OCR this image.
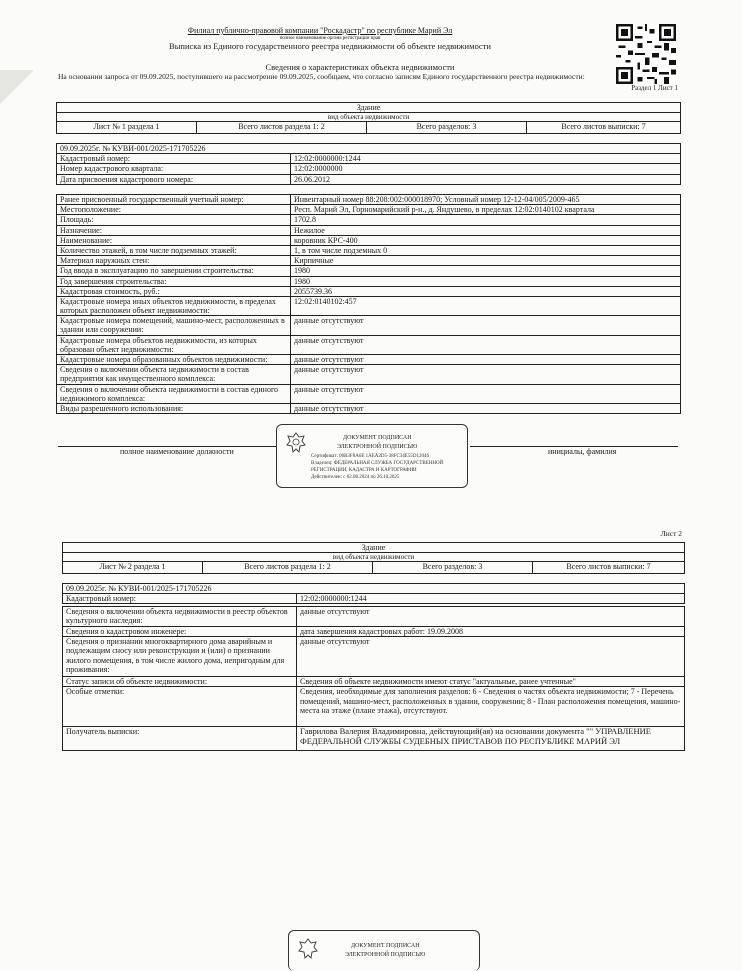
Филиал публично-правовой компании "Роскадастр" по республике Марий Эл
полное наименование органа регистрации прав
Выписка из Единого государственного реестра недвижимости об объекте недвижимости
Сведения о характеристиках объекта недвижимости
На основании запроса от 09.09.2025, поступившего на рассмотрение 09.09.2025, сообщаем, что согласно записям Единого государственного реестра недвижимости:
Раздел 1 Лист 1
Здание
вид объекта недвижимости
Лист № 1 раздела 1	Всего листов раздела 1: 2	Всего разделов: 3	Всего листов выписки: 7
09.09.2025г. № КУВИ-001/2025-171705226	
Кадастровый номер:	12:02:0000000:1244
Номер кадастрового квартала:	12:02:0000000
Дата присвоения кадастрового номера:	26.06.2012
Ранее присвоенный государственный учетный номер:	Инвентарный номер 88:208:002:000018970; Условный номер 12-12-04/005/2009-465
Местоположение:	Респ. Марий Эл, Горномарийский р-н., д. Яндушево, в пределах 12:02:0140102 квартала
Площадь:	1702.8
Назначение:	Нежилое
Наименование:	коровник КРС-400
Количество этажей, в том числе подземных этажей:	1, в том числе подземных 0
Материал наружных стен:	Кирпичные
Год ввода в эксплуатацию по завершении строительства:	1980
Год завершения строительства:	1980
Кадастровая стоимость, руб.:	2055739.36
Кадастровые номера иных объектов недвижимости, в пределах которых расположен объект недвижимости:	12:02:0140102:457
Кадастровые номера помещений, машино-мест, расположенных в здании или сооружении:	данные отсутствуют
Кадастровые номера объектов недвижимости, из которых образован объект недвижимости:	данные отсутствуют
Кадастровые номера образованных объектов недвижимости:	данные отсутствуют
Сведения о включении объекта недвижимости в состав предприятия как имущественного комплекса:	данные отсутствуют
Сведения о включении объекта недвижимости в состав единого недвижимого комплекса:	данные отсутствуют
Виды разрешенного использования:	данные отсутствуют
ДОКУМЕНТ ПОДПИСАН
ЭЛЕКТРОННОЙ ПОДПИСЬЮ
Сертификат: 00B3F8A6E 1AEA2D5-38FC34E55D12046
Владелец: ФЕДЕРАЛЬНАЯ СЛУЖБА ГОСУДАРСТВЕННОЙ
РЕГИСТРАЦИИ, КАДАСТРА И КАРТОГРАФИИ
Действителен: с 02.08.2024 по 26.10.2025
полное наименование должности	инициалы, фамилия
Лист 2
Здание
вид объекта недвижимости
Лист № 2 раздела 1	Всего листов раздела 1: 2	Всего разделов: 3	Всего листов выписки: 7
09.09.2025г. № КУВИ-001/2025-171705226
Кадастровый номер:	12:02:0000000:1244
Сведения о включении объекта недвижимости в реестр объектов культурного наследия:	данные отсутствуют
Сведения о кадастровом инженере:	дата завершения кадастровых работ: 19.09.2008
Сведения о признании многоквартирного дома аварийным и подлежащим сносу или реконструкции и (или) о признании жилого помещения, в том числе жилого дома, непригодным для проживания:	данные отсутствуют
Статус записи об объекте недвижимости:	Сведения об объекте недвижимости имеют статус "актуальные, ранее учтенные"
Особые отметки:	Сведения, необходимые для заполнения разделов: 6 - Сведения о частях объекта недвижимости; 7 - Перечень помещений, машино-мест, расположенных в здании, сооружении; 8 - План расположения помещения, машино-места на этаже (плане этажа), отсутствуют.
Получатель выписки:	Гаврилова Валерия Владимировна, действующий(ая) на основании документа "" УПРАВЛЕНИЕ ФЕДЕРАЛЬНОЙ СЛУЖБЫ СУДЕБНЫХ ПРИСТАВОВ ПО РЕСПУБЛИКЕ МАРИЙ ЭЛ
ДОКУМЕНТ ПОДПИСАН
ЭЛЕКТРОННОЙ ПОДПИСЬЮ
